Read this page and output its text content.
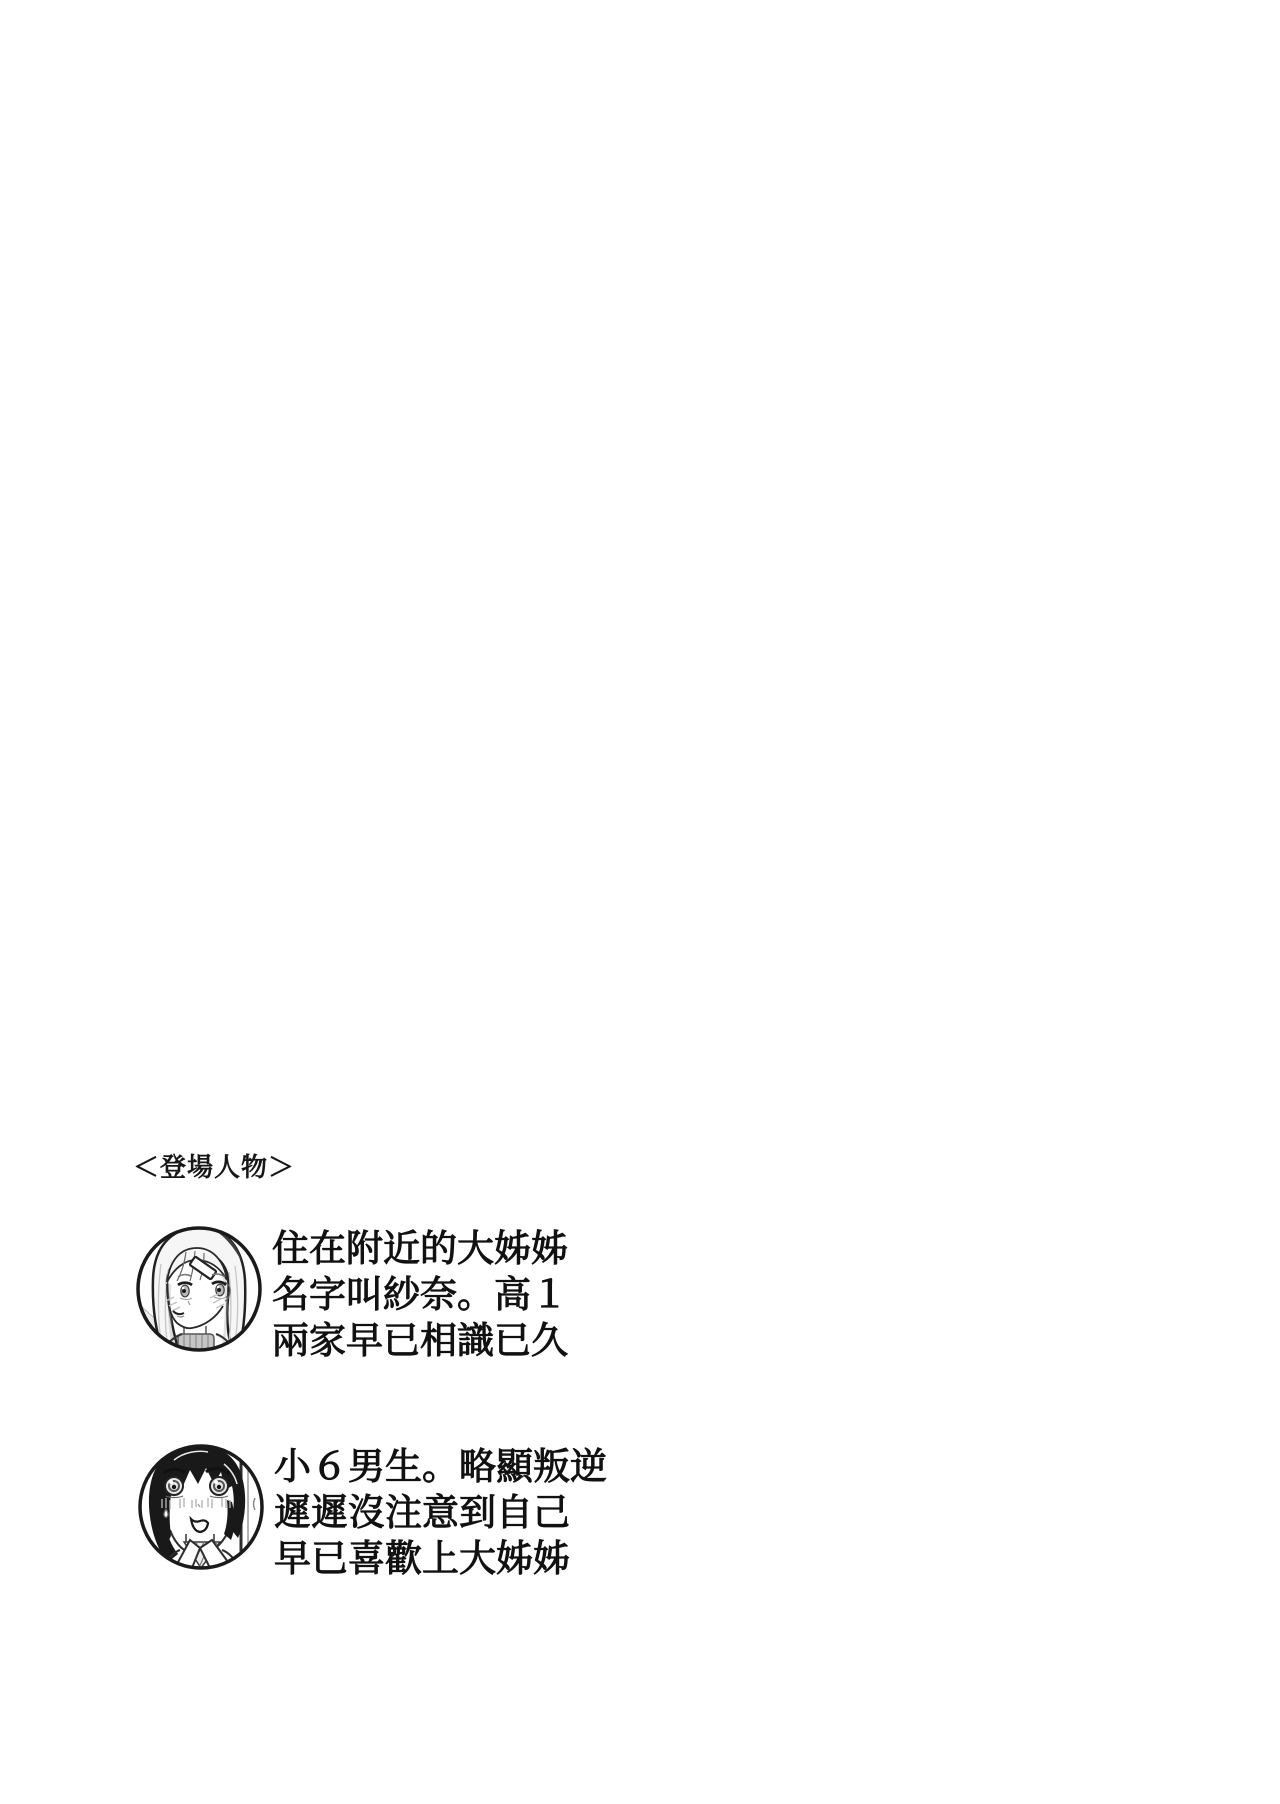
＜登場人物＞
住在附近的大姊姊
名字叫紗奈。高１
兩家早已相識已久
小６男生。略顯叛逆
遲遲沒注意到自己
早已喜歡上大姊姊
